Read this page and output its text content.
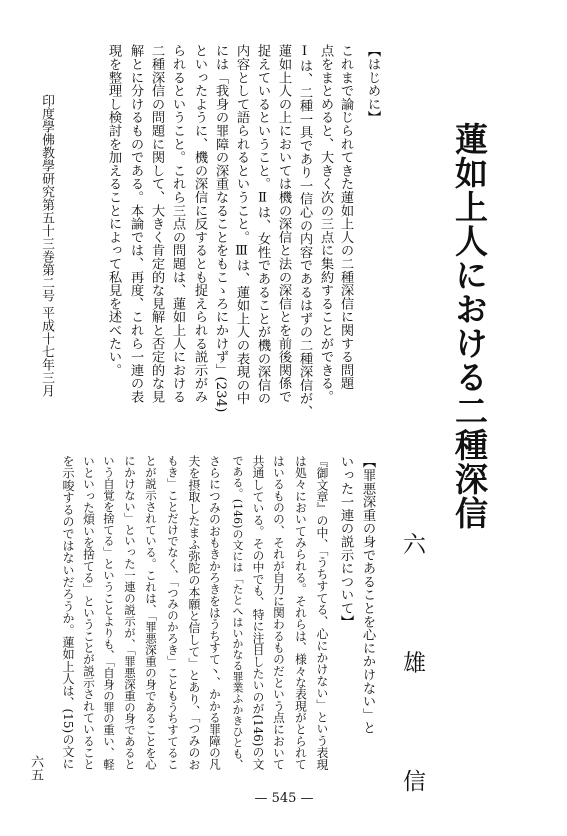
蓮如上人における二種深信
六 雄 信
【はじめに】
これまで論じられてきた蓮如上人の二種深信に関する問題
点をまとめると、大きく次の三点に集約することができる。
Ⅰは、二種一具であり一信心の内容であるはずの二種深信が、
蓮如上人の上においては機の深信と法の深信とを前後関係で
捉えているということ。Ⅱは、女性であることが機の深信の
内容として語られるということ。Ⅲは、蓮如上人の表現の中
には「我身の罪障の深重なることをもこゝろにかけず」(234)
といったように、機の深信に反するとも捉えられる説示がみ
られるということ。これら三点の問題は、蓮如上人における
二種深信の問題に関して、大きく肯定的な見解と否定的な見
解とに分けるものである。本論では、再度、これら一連の表
現を整理し検討を加えることによって私見を述べたい。
【罪悪深重の身であることを心にかけない」と
いった一連の説示について】
『御文章』の中、「うちすてる、心にかけない」という表現
は処々においてみられる。それらは、様々な表現がとられて
はいるものの、それが自力に関わるものだという点において
共通している。その中でも、特に注目したいのが(146)の文
である。(146)の文には「たとへはいかなる罪業ふかきひとも、
さらにつみのおもきかろきをはうちすて丶、かかる罪障の凡
夫を摂取したまふ弥陀の本願と信して」とあり、「つみのお
もき」ことだけでなく、「つみのかろき」こともうちすてるこ
とが説示されている。これは、「罪悪深重の身であることを心
にかけない」といった一連の説示が、「罪悪深重の身であると
いう自覚を捨てる」ということよりも、「自身の罪の重い、軽
いといった煩いを捨てる」ということが説示されていること
を示唆するのではないだろうか。蓮如上人は、(15)の文に
印度學佛教學研究第五十三巻第二号 平成十七年三月
六五
— 545 —
